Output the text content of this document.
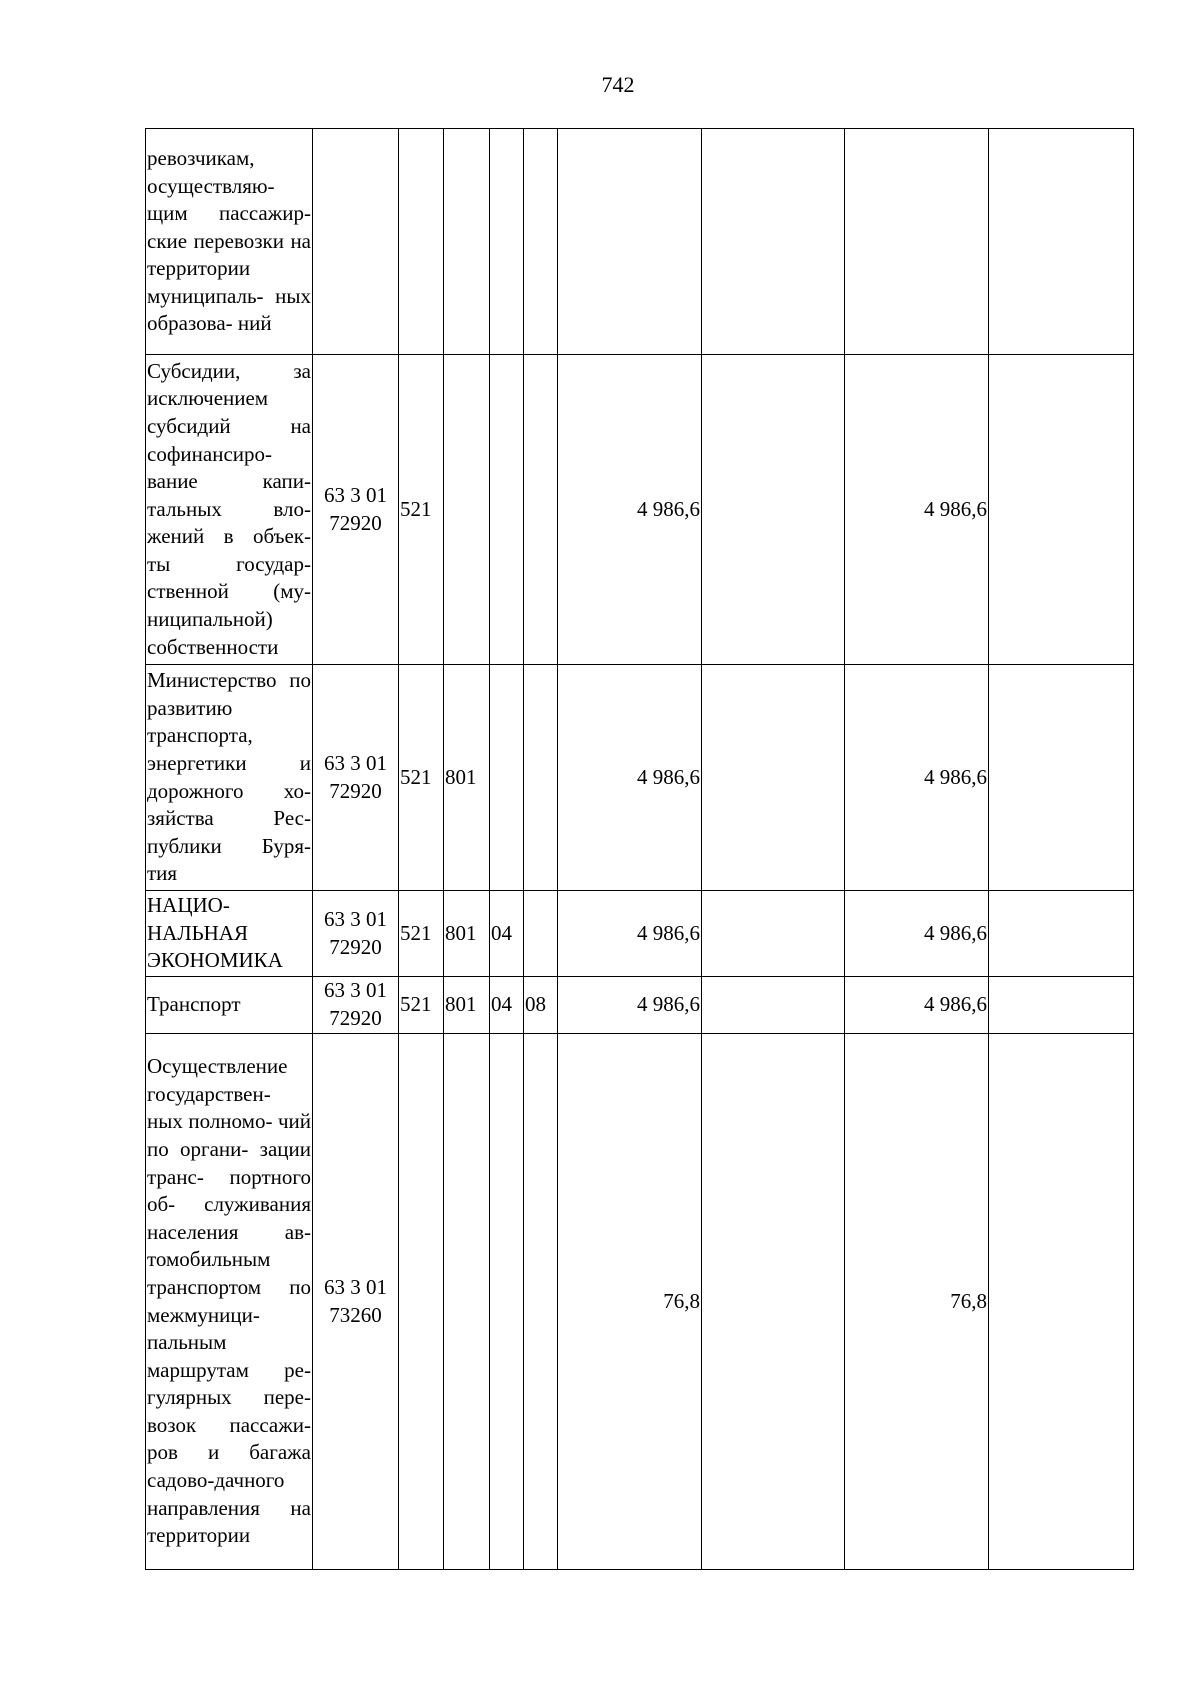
742
ревозчикам, осуществляю- щим пассажир- ские перевозки на территории муниципаль- ных образова- ний									
Субсидии, за исключением субсидий на софинансиро- вание капи- тальных вло- жений в объек- ты государ- ственной (му- ниципальной) собственности	63 3 01 72920	521				4 986,6		4 986,6	
Министерство по развитию транспорта, энергетики и дорожного хо- зяйства Рес- публики Буря- тия	63 3 01 72920	521	801			4 986,6		4 986,6	
НАЦИО- НАЛЬНАЯ ЭКОНОМИКА	63 3 01 72920	521	801	04		4 986,6		4 986,6	
Транспорт	63 3 01 72920	521	801	04	08	4 986,6		4 986,6	
Осуществление государствен- ных полномо- чий по органи- зации транс- портного об- служивания населения ав- томобильным транспортом по межмуници- пальным маршрутам ре- гулярных пере- возок пассажи- ров и багажа садово-дачного направления на территории	63 3 01 73260					76,8		76,8	
